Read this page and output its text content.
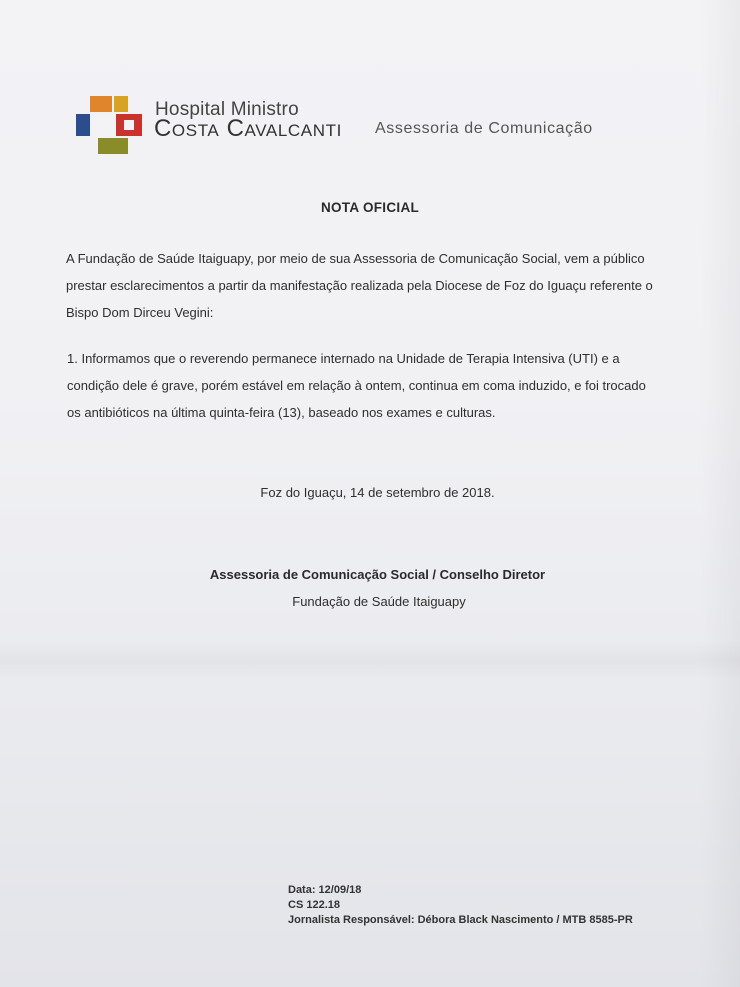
Hospital Ministro
Costa Cavalcanti Assessoria de Comunicação
NOTA OFICIAL
A Fundação de Saúde Itaiguapy, por meio de sua Assessoria de Comunicação Social, vem a público
prestar esclarecimentos a partir da manifestação realizada pela Diocese de Foz do Iguaçu referente o
Bispo Dom Dirceu Vegini:
1. Informamos que o reverendo permanece internado na Unidade de Terapia Intensiva (UTI) e a
condição dele é grave, porém estável em relação à ontem, continua em coma induzido, e foi trocado
os antibióticos na última quinta-feira (13), baseado nos exames e culturas.
Foz do Iguaçu, 14 de setembro de 2018.
Assessoria de Comunicação Social / Conselho Diretor
Fundação de Saúde Itaiguapy
Data: 12/09/18
CS 122.18
Jornalista Responsável: Débora Black Nascimento / MTB 8585-PR
